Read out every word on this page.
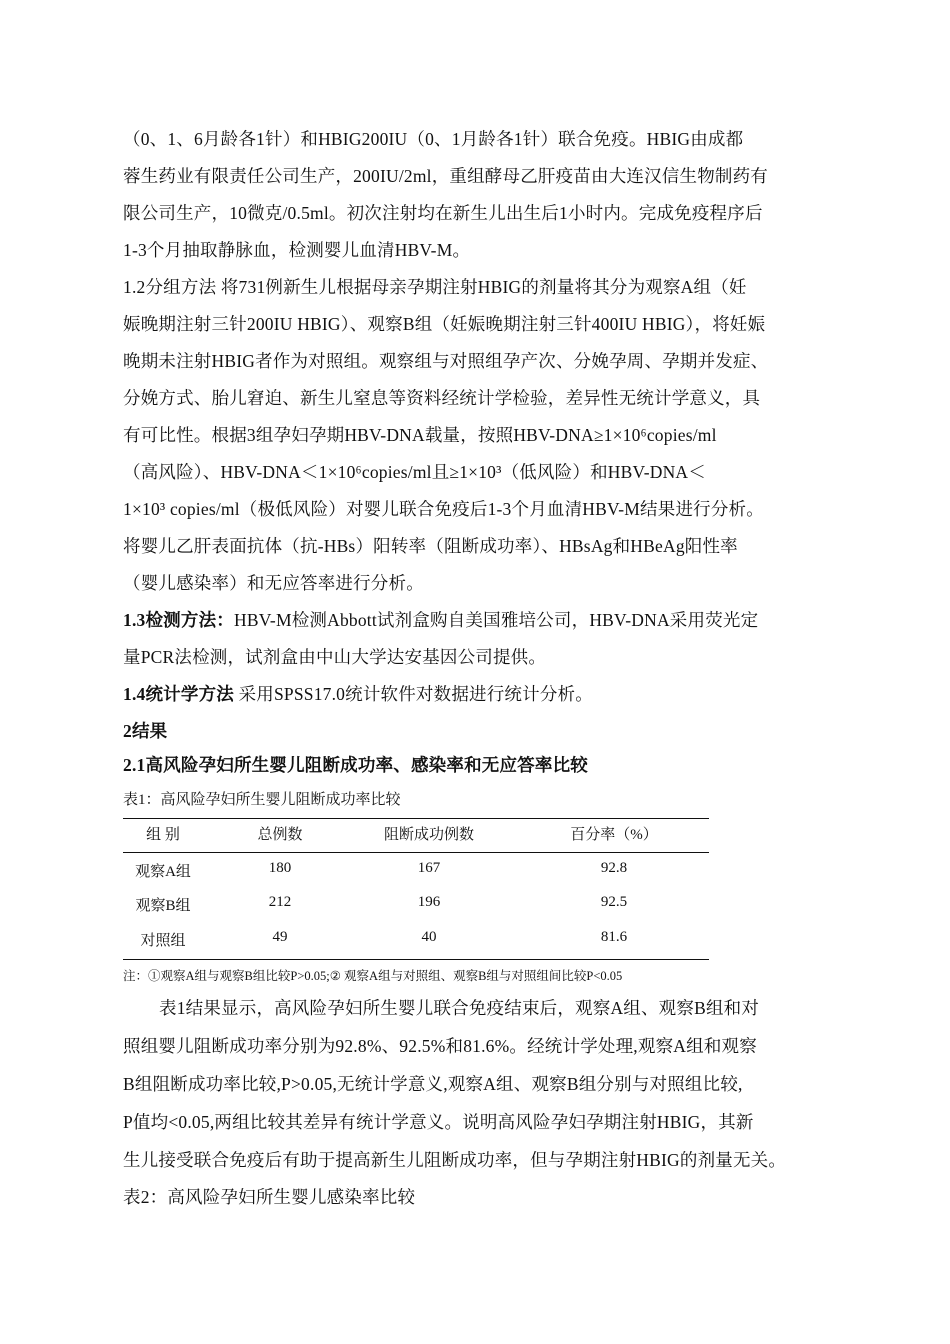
（0、1、6月龄各1针）和HBIG200IU（0、1月龄各1针）联合免疫。HBIG由成都
蓉生药业有限责任公司生产，200IU/2ml，重组酵母乙肝疫苗由大连汉信生物制药有
限公司生产，10微克/0.5ml。初次注射均在新生儿出生后1小时内。完成免疫程序后
1-3个月抽取静脉血，检测婴儿血清HBV-M。
1.2分组方法 将731例新生儿根据母亲孕期注射HBIG的剂量将其分为观察A组（妊
娠晚期注射三针200IU HBIG）、观察B组（妊娠晚期注射三针400IU HBIG），将妊娠
晚期未注射HBIG者作为对照组。观察组与对照组孕产次、分娩孕周、孕期并发症、
分娩方式、胎儿窘迫、新生儿窒息等资料经统计学检验，差异性无统计学意义，具
有可比性。根据3组孕妇孕期HBV-DNA载量，按照HBV-DNA≥1×10⁶copies/ml
（高风险）、HBV-DNA＜1×10⁶copies/ml且≥1×10³（低风险）和HBV-DNA＜
1×10³ copies/ml（极低风险）对婴儿联合免疫后1-3个月血清HBV-M结果进行分析。
将婴儿乙肝表面抗体（抗-HBs）阳转率（阻断成功率）、HBsAg和HBeAg阳性率
（婴儿感染率）和无应答率进行分析。
1.3检测方法：HBV-M检测Abbott试剂盒购自美国雅培公司，HBV-DNA采用荧光定
量PCR法检测，试剂盒由中山大学达安基因公司提供。
1.4统计学方法 采用SPSS17.0统计软件对数据进行统计分析。
2结果
2.1高风险孕妇所生婴儿阻断成功率、感染率和无应答率比较
表1：高风险孕妇所生婴儿阻断成功率比较
组 别	总例数	阻断成功例数	百分率（%）
观察A组	180	167	92.8
观察B组	212	196	92.5
对照组	49	40	81.6
注：①观察A组与观察B组比较P>0.05;② 观察A组与对照组、观察B组与对照组间比较P<0.05
表1结果显示，高风险孕妇所生婴儿联合免疫结束后，观察A组、观察B组和对
照组婴儿阻断成功率分别为92.8%、92.5%和81.6%。经统计学处理,观察A组和观察
B组阻断成功率比较,P>0.05,无统计学意义,观察A组、观察B组分别与对照组比较,
P值均<0.05,两组比较其差异有统计学意义。说明高风险孕妇孕期注射HBIG，其新
生儿接受联合免疫后有助于提高新生儿阻断成功率，但与孕期注射HBIG的剂量无关。
表2：高风险孕妇所生婴儿感染率比较
